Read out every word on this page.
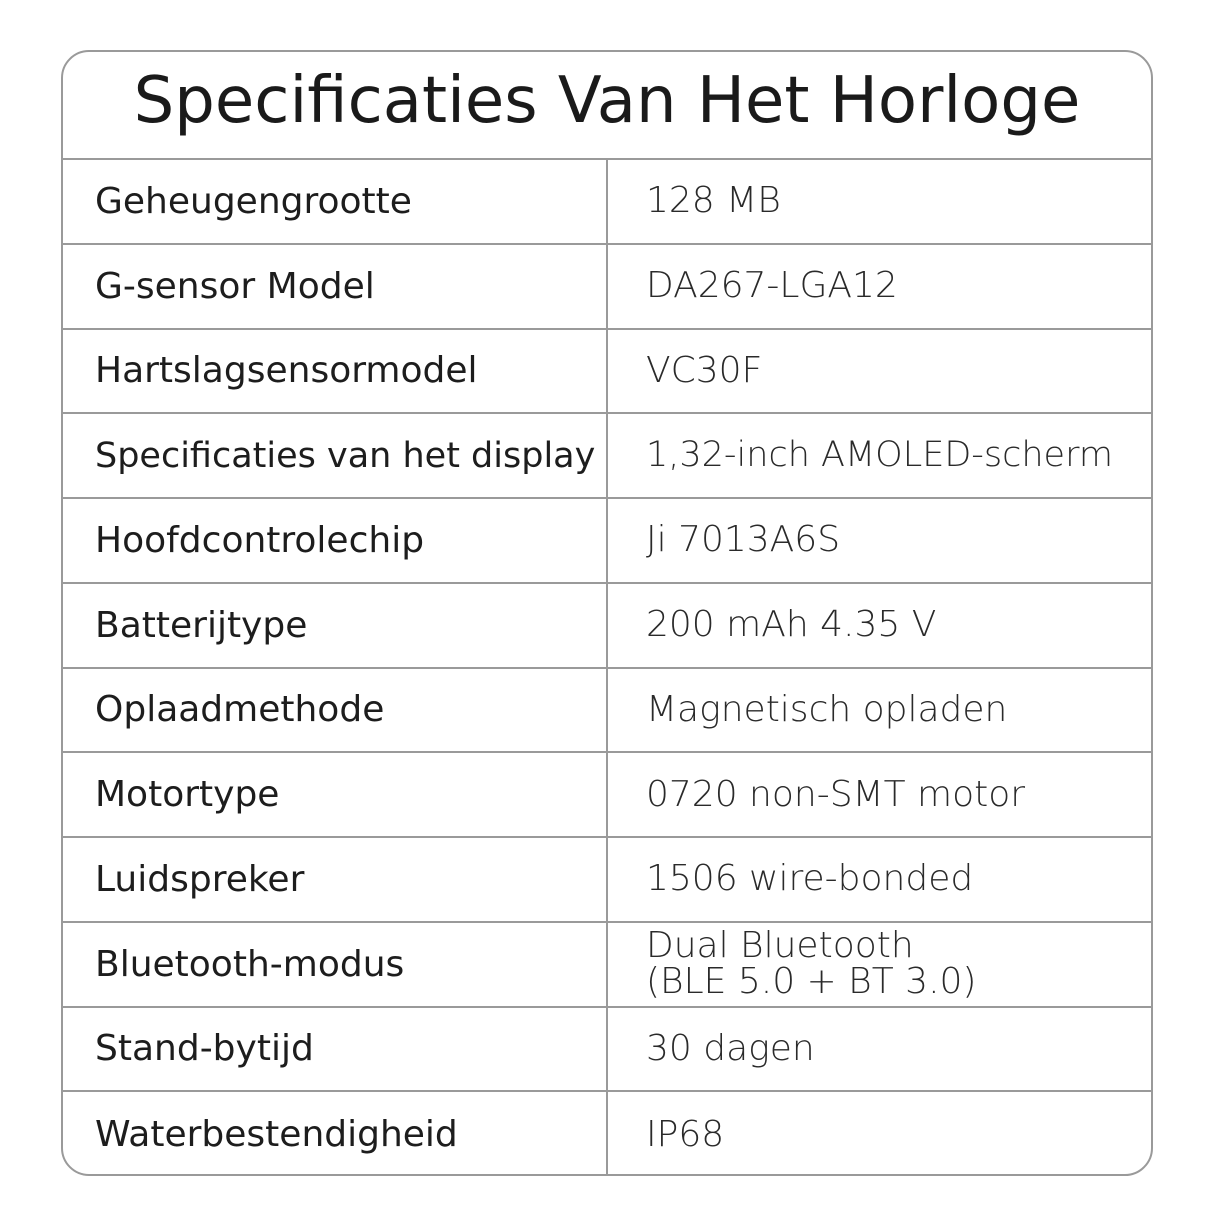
Specificaties Van Het Horloge
Geheugengrootte	128 MB
G-sensor Model	DA267-LGA12
Hartslagsensormodel	VC30F
Specificaties van het display 1,32-inch AMOLED-scherm
Hoofdcontrolechip	Ji 7013A6S
Batterijtype	200 mAh 4.35 V
Oplaadmethode	Magnetisch opladen
Motortype	0720 non-SMT motor
Luidspreker	1506 wire-bonded
Bluetooth-modus	Dual Bluetooth
(BLE 5.0 + BT 3.0)
Stand-bytijd	30 dagen
Waterbestendigheid	IP68
